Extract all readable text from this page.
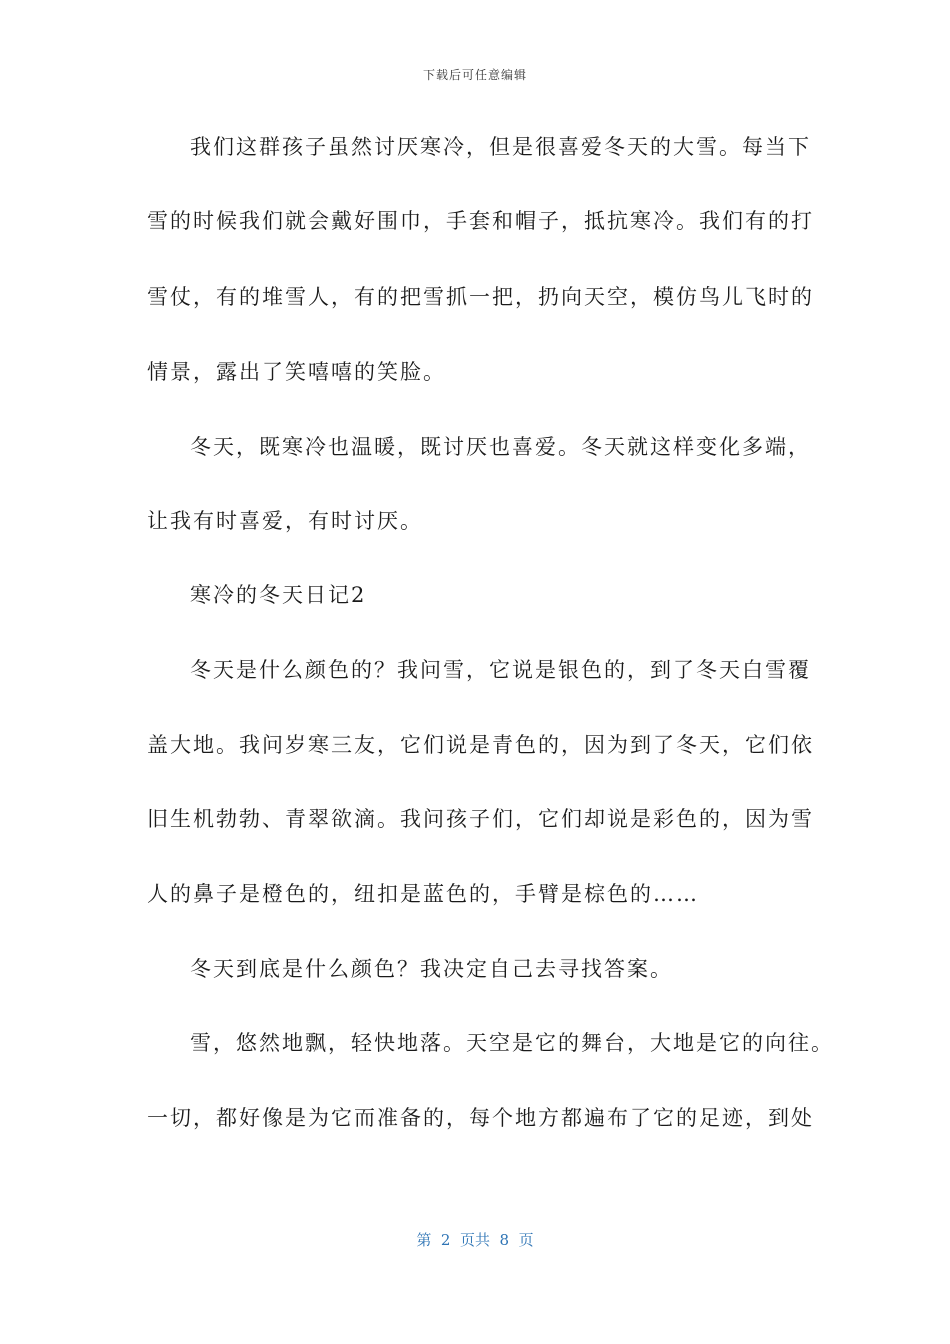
下载后可任意编辑
我们这群孩子虽然讨厌寒冷，但是很喜爱冬天的大雪。每当下
雪的时候我们就会戴好围巾，手套和帽子，抵抗寒冷。我们有的打
雪仗，有的堆雪人，有的把雪抓一把，扔向天空，模仿鸟儿飞时的
情景，露出了笑嘻嘻的笑脸。
冬天，既寒冷也温暖，既讨厌也喜爱。冬天就这样变化多端，
让我有时喜爱，有时讨厌。
寒冷的冬天日记2
冬天是什么颜色的？我问雪，它说是银色的，到了冬天白雪覆
盖大地。我问岁寒三友，它们说是青色的，因为到了冬天，它们依
旧生机勃勃、青翠欲滴。我问孩子们，它们却说是彩色的，因为雪
人的鼻子是橙色的，纽扣是蓝色的，手臂是棕色的……
冬天到底是什么颜色？我决定自己去寻找答案。
雪，悠然地飘，轻快地落。天空是它的舞台，大地是它的向往。
一切，都好像是为它而准备的，每个地方都遍布了它的足迹，到处
第  2  页共  8  页
